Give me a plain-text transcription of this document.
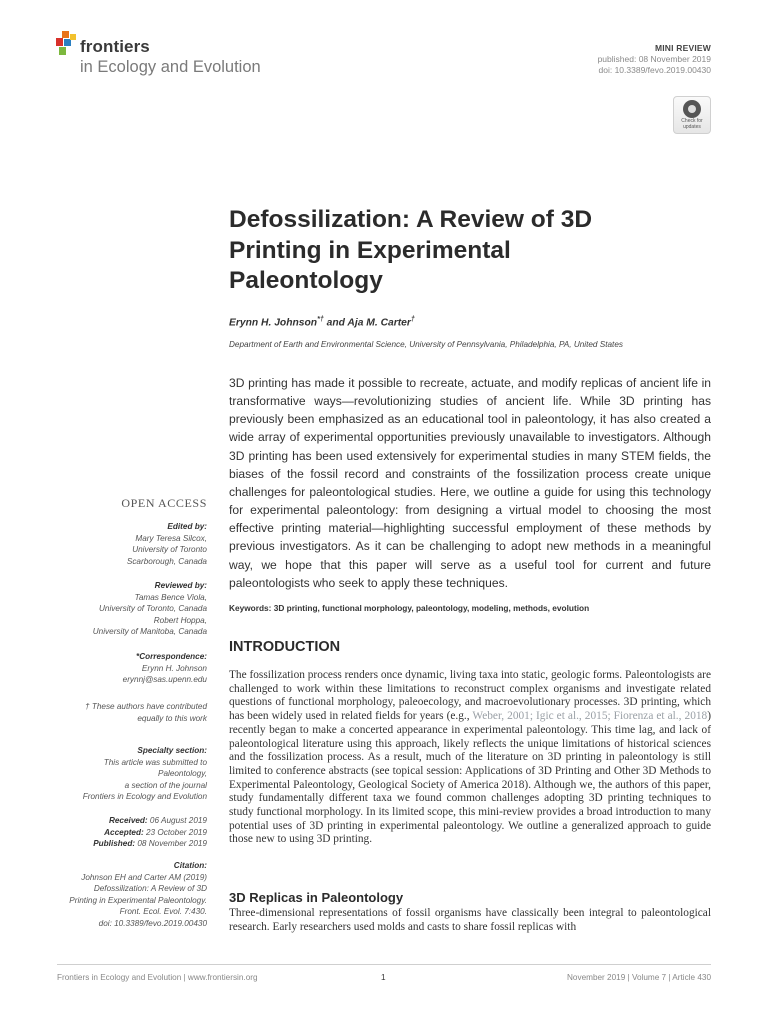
frontiers
in Ecology and Evolution
MINI REVIEW
published: 08 November 2019
doi: 10.3389/fevo.2019.00430
Check for updates
Defossilization: A Review of 3D Printing in Experimental Paleontology
Erynn H. Johnson*† and Aja M. Carter†
Department of Earth and Environmental Science, University of Pennsylvania, Philadelphia, PA, United States
3D printing has made it possible to recreate, actuate, and modify replicas of ancient life in transformative ways—revolutionizing studies of ancient life. While 3D printing has previously been emphasized as an educational tool in paleontology, it has also created a wide array of experimental opportunities previously unavailable to investigators. Although 3D printing has been used extensively for experimental studies in many STEM fields, the biases of the fossil record and constraints of the fossilization process create unique challenges for paleontological studies. Here, we outline a guide for using this technology for experimental paleontology: from designing a virtual model to choosing the most effective printing material—highlighting successful employment of these methods by previous investigators. As it can be challenging to adopt new methods in a meaningful way, we hope that this paper will serve as a useful tool for current and future paleontologists who seek to apply these techniques.
Keywords: 3D printing, functional morphology, paleontology, modeling, methods, evolution
OPEN ACCESS
Edited by:
Mary Teresa Silcox,
University of Toronto
Scarborough, Canada
Reviewed by:
Tamas Bence Viola,
University of Toronto, Canada
Robert Hoppa,
University of Manitoba, Canada
*Correspondence:
Erynn H. Johnson
erynnj@sas.upenn.edu
† These authors have contributed
equally to this work
Specialty section:
This article was submitted to
Paleontology,
a section of the journal
Frontiers in Ecology and Evolution
Received: 06 August 2019
Accepted: 23 October 2019
Published: 08 November 2019
Citation:
Johnson EH and Carter AM (2019)
Defossilization: A Review of 3D
Printing in Experimental Paleontology.
Front. Ecol. Evol. 7:430.
doi: 10.3389/fevo.2019.00430
INTRODUCTION
The fossilization process renders once dynamic, living taxa into static, geologic forms. Paleontologists are challenged to work within these limitations to reconstruct complex organisms and investigate related questions of functional morphology, paleoecology, and macroevolutionary processes. 3D printing, which has been widely used in related fields for years (e.g., Weber, 2001; Igic et al., 2015; Fiorenza et al., 2018) recently began to make a concerted appearance in experimental paleontology. This time lag, and lack of paleontological literature using this approach, likely reflects the unique limitations of historical sciences and the fossilization process. As a result, much of the literature on 3D printing in paleontology is still limited to conference abstracts (see topical session: Applications of 3D Printing and Other 3D Methods to Experimental Paleontology, Geological Society of America 2018). Although we, the authors of this paper, study fundamentally different taxa we found common challenges adopting 3D printing techniques to study functional morphology. In its limited scope, this mini-review provides a broad introduction to many potential uses of 3D printing in experimental paleontology. We outline a generalized approach to guide those new to using 3D printing.
3D Replicas in Paleontology
Three-dimensional representations of fossil organisms have classically been integral to paleontological research. Early researchers used molds and casts to share fossil replicas with
Frontiers in Ecology and Evolution | www.frontiersin.org	1	November 2019 | Volume 7 | Article 430
